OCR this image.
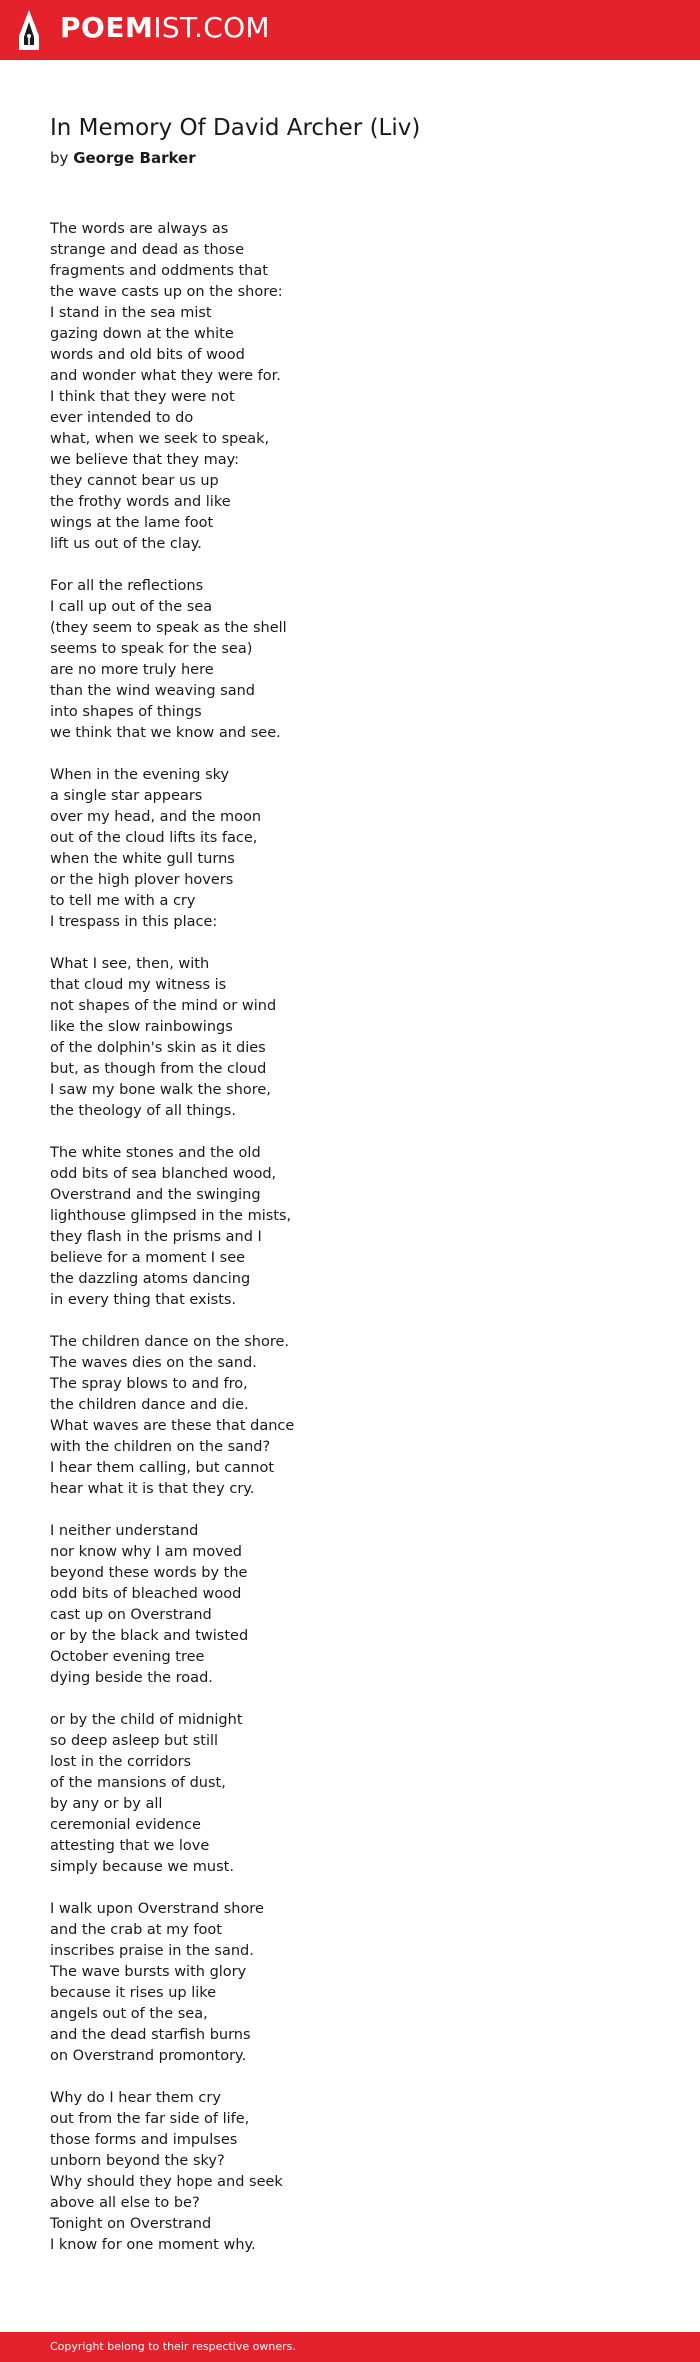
POEMIST.COM
In Memory Of David Archer (Liv)
by George Barker
The words are always as
strange and dead as those
fragments and oddments that
the wave casts up on the shore:
I stand in the sea mist
gazing down at the white
words and old bits of wood
and wonder what they were for.
I think that they were not
ever intended to do
what, when we seek to speak,
we believe that they may:
they cannot bear us up
the frothy words and like
wings at the lame foot
lift us out of the clay.
For all the reflections
I call up out of the sea
(they seem to speak as the shell
seems to speak for the sea)
are no more truly here
than the wind weaving sand
into shapes of things
we think that we know and see.
When in the evening sky
a single star appears
over my head, and the moon
out of the cloud lifts its face,
when the white gull turns
or the high plover hovers
to tell me with a cry
I trespass in this place:
What I see, then, with
that cloud my witness is
not shapes of the mind or wind
like the slow rainbowings
of the dolphin's skin as it dies
but, as though from the cloud
I saw my bone walk the shore,
the theology of all things.
The white stones and the old
odd bits of sea blanched wood,
Overstrand and the swinging
lighthouse glimpsed in the mists,
they flash in the prisms and I
believe for a moment I see
the dazzling atoms dancing
in every thing that exists.
The children dance on the shore.
The waves dies on the sand.
The spray blows to and fro,
the children dance and die.
What waves are these that dance
with the children on the sand?
I hear them calling, but cannot
hear what it is that they cry.
I neither understand
nor know why I am moved
beyond these words by the
odd bits of bleached wood
cast up on Overstrand
or by the black and twisted
October evening tree
dying beside the road.
or by the child of midnight
so deep asleep but still
lost in the corridors
of the mansions of dust,
by any or by all
ceremonial evidence
attesting that we love
simply because we must.
I walk upon Overstrand shore
and the crab at my foot
inscribes praise in the sand.
The wave bursts with glory
because it rises up like
angels out of the sea,
and the dead starfish burns
on Overstrand promontory.
Why do I hear them cry
out from the far side of life,
those forms and impulses
unborn beyond the sky?
Why should they hope and seek
above all else to be?
Tonight on Overstrand
I know for one moment why.
Copyright belong to their respective owners.
